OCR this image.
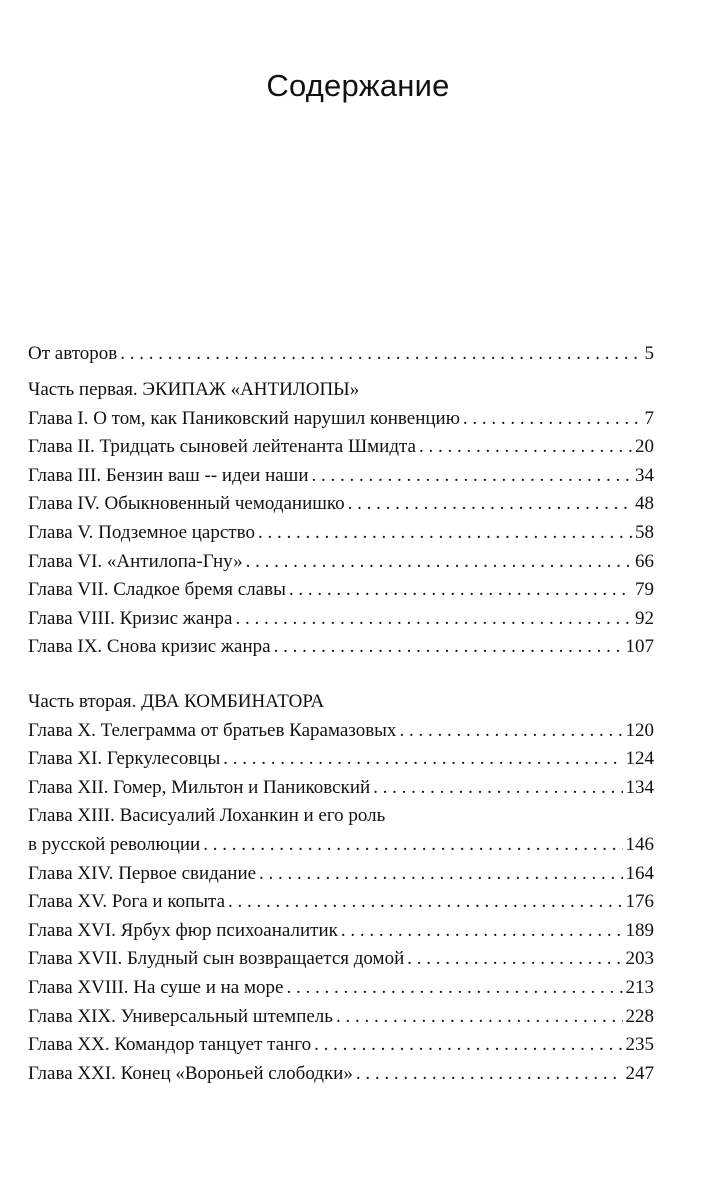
Содержание
От авторов . . .	5
Часть первая. ЭКИПАЖ «АНТИЛОПЫ»
Глава I. О том, как Паниковский нарушил конвенцию . . .	7
Глава II. Тридцать сыновей лейтенанта Шмидта . . .	20
Глава III. Бензин ваш -- идеи наши . . .	34
Глава IV. Обыкновенный чемоданишко . . .	48
Глава V. Подземное царство . . .	58
Глава VI. «Антилопа-Гну» . . .	66
Глава VII. Сладкое бремя славы . . .	79
Глава VIII. Кризис жанра . . .	92
Глава IX. Снова кризис жанра . . .	107
Часть вторая. ДВА КОМБИНАТОРА
Глава X. Телеграмма от братьев Карамазовых . . .	120
Глава XI. Геркулесовцы . . .	124
Глава XII. Гомер, Мильтон и Паниковский . . .	134
Глава XIII. Васисуалий Лоханкин и его роль
в русской революции . . .	146
Глава XIV. Первое свидание . . .	164
Глава XV. Рога и копыта . . .	176
Глава XVI. Ярбух фюр психоаналитик . . .	189
Глава XVII. Блудный сын возвращается домой . . .	203
Глава XVIII. На суше и на море . . .	213
Глава XIX. Универсальный штемпель . . .	228
Глава XX. Командор танцует танго . . .	235
Глава XXI. Конец «Вороньей слободки» . . .	247
